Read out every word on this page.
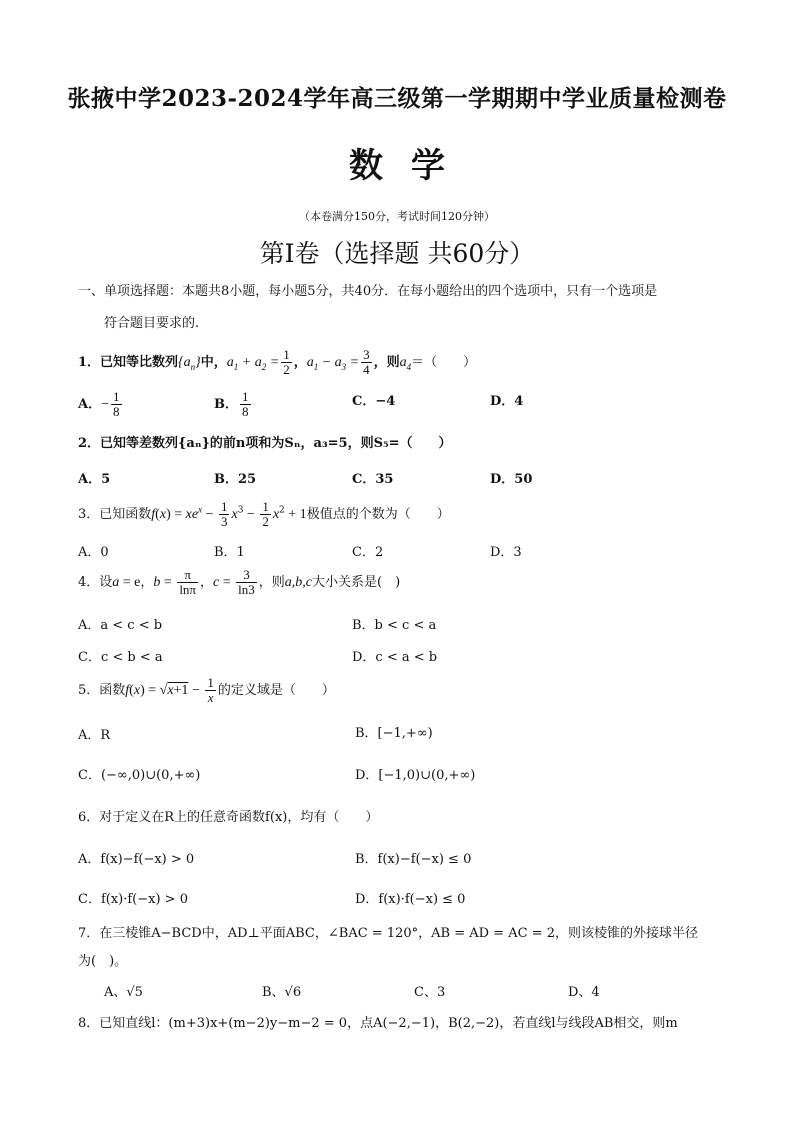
张掖中学2023-2024学年高三级第一学期期中学业质量检测卷
数学
（本卷满分150分，考试时间120分钟）
第Ⅰ卷（选择题 共60分）
一、单项选择题：本题共8小题，每小题5分，共40分．在每小题给出的四个选项中，只有一个选项是
符合题目要求的.
1．已知等比数列$\{a_n\}$中，$a_1 + a_2 = \frac{1}{2}$ ，$a_1 - a_3 = \frac{3}{4}$ ，则$a_4=$（　　）
A．− $\frac{1}{8}$	B． $\frac{1}{8}$	C．−4	D．4
2．已知等差数列{aₙ}的前n项和为Sₙ，a₃=5，则S₅=（　　）
A．5	B．25	C．35	D．50
3．已知函数$f(x) = xe^x - \frac{1}{3} x^3 - \frac{1}{2} x^2 + 1$极值点的个数为（　　）
A．0	B．1	C．2	D．3
4．设a = e，$b = \frac{\pi}{\ln\pi}$ ，$c = \frac{3}{\ln 3}$ ，则a,b,c大小关系是(　)
A．a < c < b	B．b < c < a
C．c < b < a	D．c < a < b
5．函数$f(x) = √x+1 - \frac{1}{x}$ 的定义域是（　　）
A．R	B．[−1,+∞)
C．(−∞,0)∪(0,+∞)	D．[−1,0)∪(0,+∞)
6．对于定义在R上的任意奇函数f(x)，均有（　　）
A．f(x)−f(−x) > 0	B．f(x)−f(−x) ≤ 0
C．f(x)·f(−x) > 0	D．f(x)·f(−x) ≤ 0
7．在三棱锥A−BCD中，AD⊥平面ABC，∠BAC = 120°，AB = AD = AC = 2，则该棱锥的外接球半径
为(　)。
A、√5	B、√6	C、3	D、4
8．已知直线l：(m+3)x+(m−2)y−m−2 = 0，点A(−2,−1)，B(2,−2)，若直线l与线段AB相交，则m
